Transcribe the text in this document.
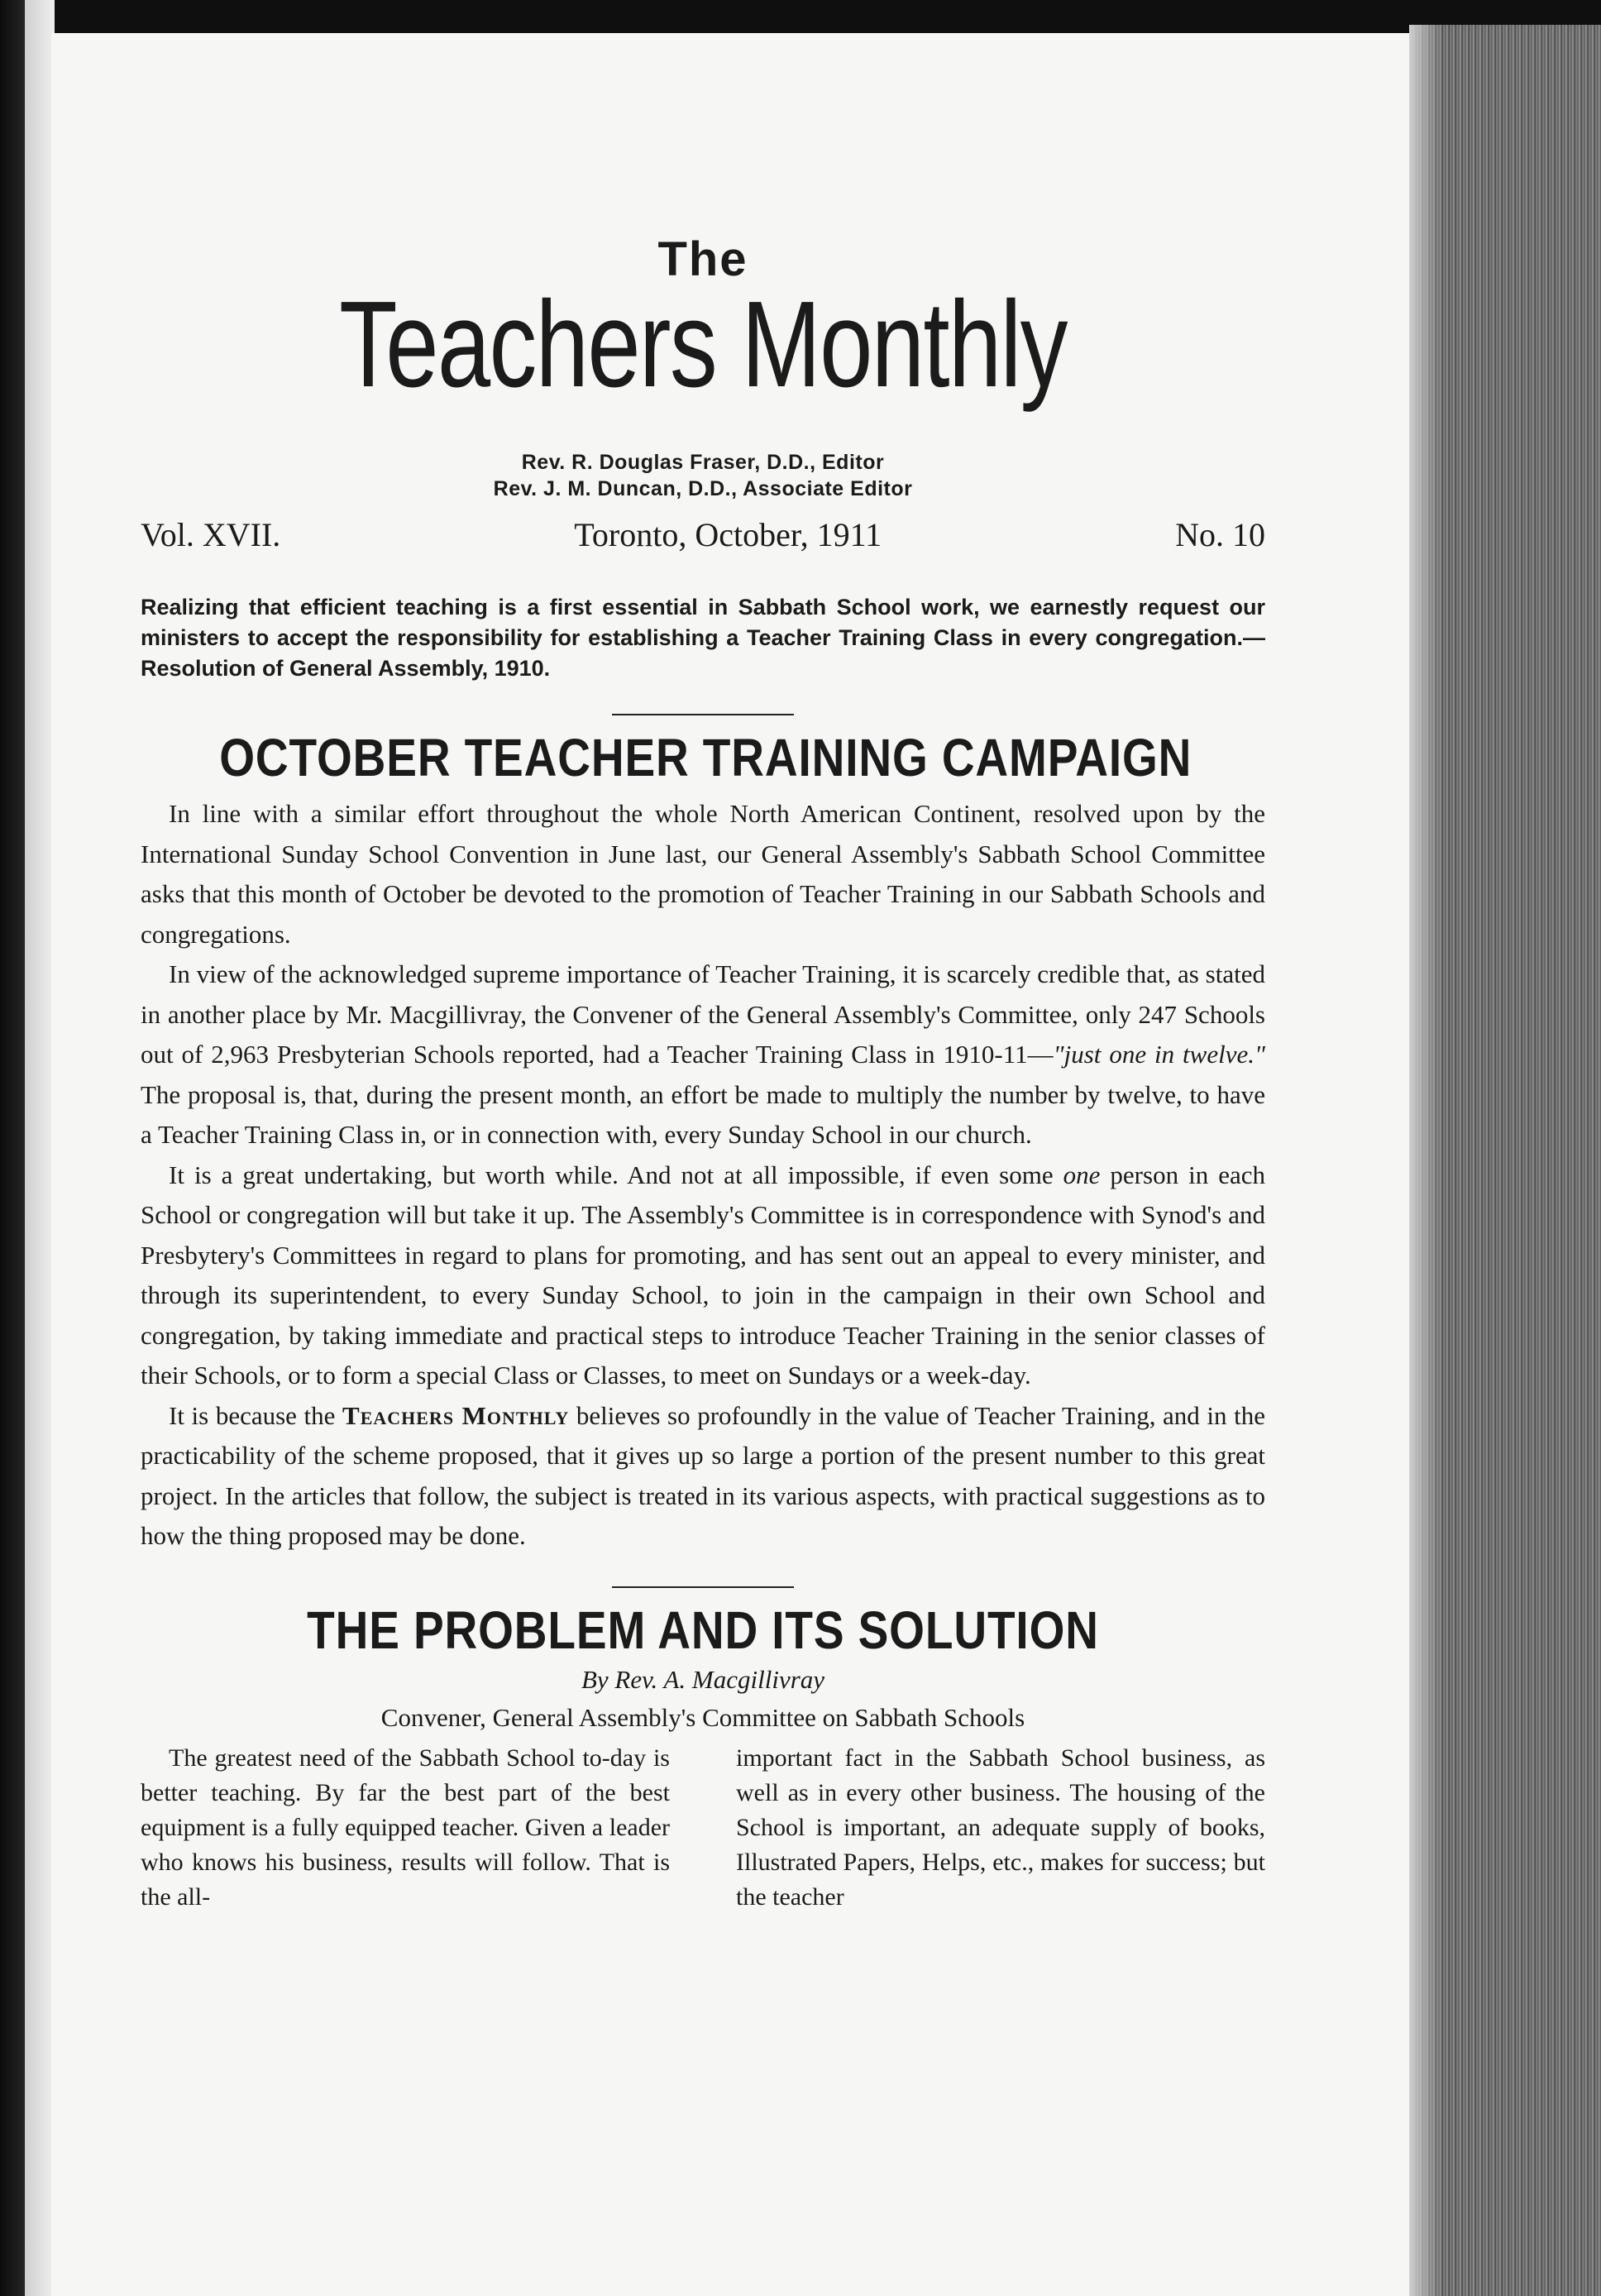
The
Teachers Monthly
Rev. R. Douglas Fraser, D.D., Editor
Rev. J. M. Duncan, D.D., Associate Editor
Vol. XVII.	Toronto, October, 1911	No. 10
Realizing that efficient teaching is a first essential in Sabbath School work, we earnestly request our ministers to accept the responsibility for establishing a Teacher Training Class in every congregation.—Resolution of General Assembly, 1910.
OCTOBER TEACHER TRAINING CAMPAIGN

In line with a similar effort throughout the whole North American Continent, resolved upon by the International Sunday School Convention in June last, our General Assembly's Sabbath School Committee asks that this month of October be devoted to the promotion of Teacher Training in our Sabbath Schools and congregations.

In view of the acknowledged supreme importance of Teacher Training, it is scarcely credible that, as stated in another place by Mr. Macgillivray, the Convener of the General Assembly's Committee, only 247 Schools out of 2,963 Presbyterian Schools reported, had a Teacher Training Class in 1910-11—"just one in twelve." The proposal is, that, during the present month, an effort be made to multiply the number by twelve, to have a Teacher Training Class in, or in connection with, every Sunday School in our church.

It is a great undertaking, but worth while. And not at all impossible, if even some one person in each School or congregation will but take it up. The Assembly's Committee is in correspondence with Synod's and Presbytery's Committees in regard to plans for promoting, and has sent out an appeal to every minister, and through its superintendent, to every Sunday School, to join in the campaign in their own School and congregation, by taking immediate and practical steps to introduce Teacher Training in the senior classes of their Schools, or to form a special Class or Classes, to meet on Sundays or a week-day.

It is because the Teachers Monthly believes so profoundly in the value of Teacher Training, and in the practicability of the scheme proposed, that it gives up so large a portion of the present number to this great project. In the articles that follow, the subject is treated in its various aspects, with practical suggestions as to how the thing proposed may be done.

THE PROBLEM AND ITS SOLUTION
By Rev. A. Macgillivray
Convener, General Assembly's Committee on Sabbath Schools

The greatest need of the Sabbath School to-day is better teaching. By far the best part of the best equipment is a fully equipped teacher. Given a leader who knows his business, results will follow. That is the all-

important fact in the Sabbath School business, as well as in every other business. The housing of the School is important, an adequate supply of books, Illustrated Papers, Helps, etc., makes for success; but the teacher
